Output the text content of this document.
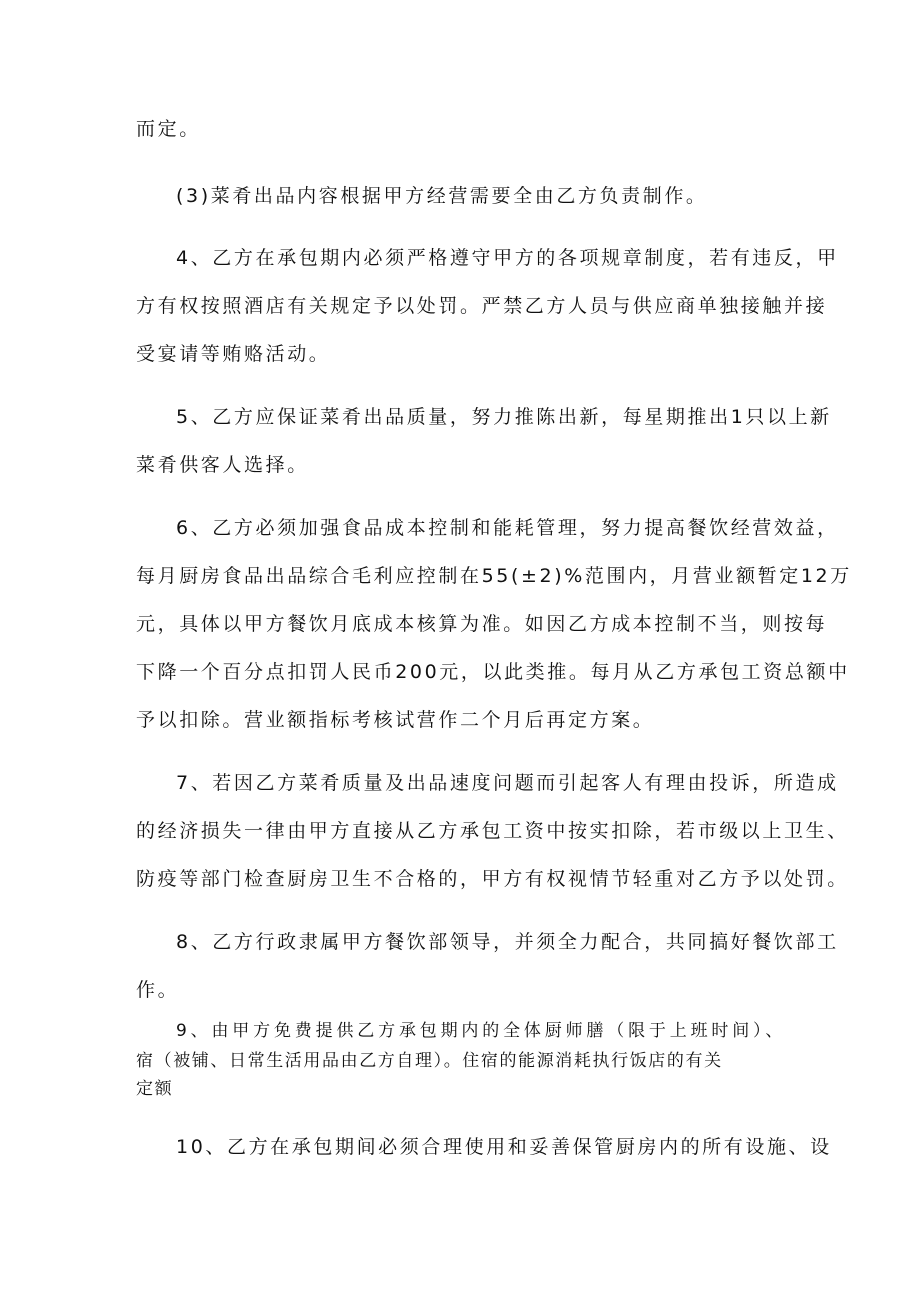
而定。
(3)菜肴出品内容根据甲方经营需要全由乙方负责制作。
4、乙方在承包期内必须严格遵守甲方的各项规章制度，若有违反，甲
方有权按照酒店有关规定予以处罚。严禁乙方人员与供应商单独接触并接
受宴请等贿赂活动。
5、乙方应保证菜肴出品质量，努力推陈出新，每星期推出1只以上新
菜肴供客人选择。
6、乙方必须加强食品成本控制和能耗管理，努力提高餐饮经营效益，
每月厨房食品出品综合毛利应控制在55(±2)%范围内，月营业额暂定12万
元，具体以甲方餐饮月底成本核算为准。如因乙方成本控制不当，则按每
下降一个百分点扣罚人民币200元，以此类推。每月从乙方承包工资总额中
予以扣除。营业额指标考核试营作二个月后再定方案。
7、若因乙方菜肴质量及出品速度问题而引起客人有理由投诉，所造成
的经济损失一律由甲方直接从乙方承包工资中按实扣除，若市级以上卫生、
防疫等部门检查厨房卫生不合格的，甲方有权视情节轻重对乙方予以处罚。
8、乙方行政隶属甲方餐饮部领导，并须全力配合，共同搞好餐饮部工
作。
9、由甲方免费提供乙方承包期内的全体厨师膳（限于上班时间）、
宿（被铺、日常生活用品由乙方自理）。住宿的能源消耗执行饭店的有关
定额
10、乙方在承包期间必须合理使用和妥善保管厨房内的所有设施、设
